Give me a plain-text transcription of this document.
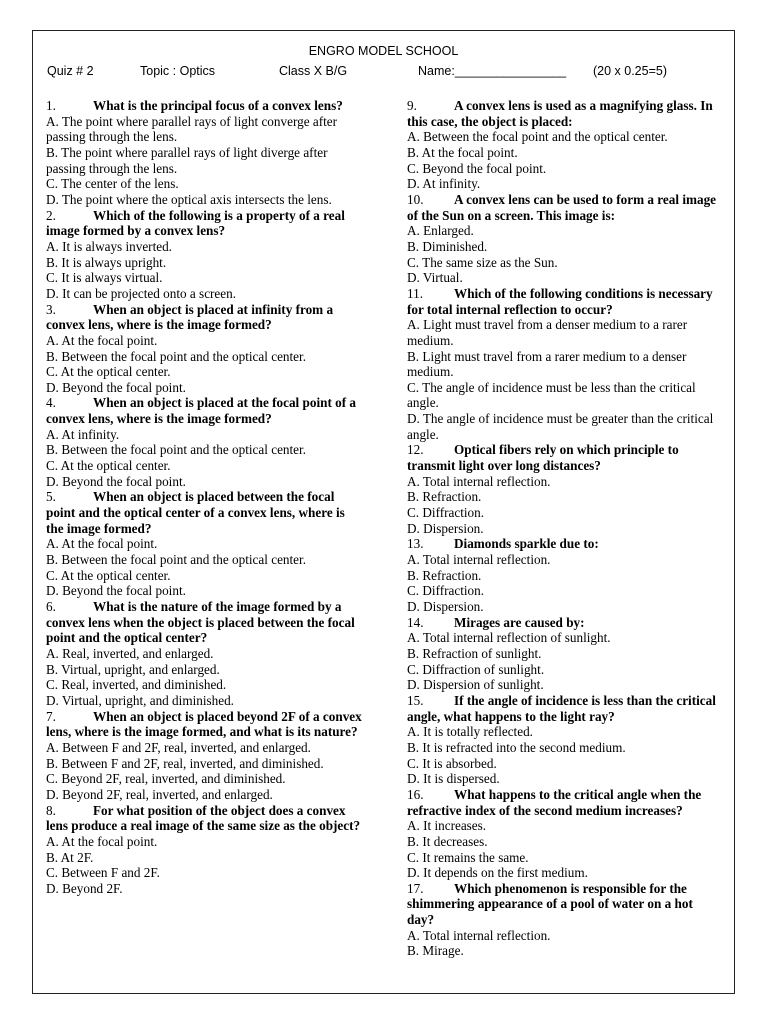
ENGRO MODEL SCHOOL
Quiz # 2	Topic : Optics	Class X B/G	Name:________________ (20 x 0.25=5)
1.	What is the principal focus of a convex lens?
A. The point where parallel rays of light converge after passing through the lens.
B. The point where parallel rays of light diverge after passing through the lens.
C. The center of the lens.
D. The point where the optical axis intersects the lens.
2.	Which of the following is a property of a real image formed by a convex lens?
A. It is always inverted.
B. It is always upright.
C. It is always virtual.
D. It can be projected onto a screen.
3.	When an object is placed at infinity from a convex lens, where is the image formed?
A. At the focal point.
B. Between the focal point and the optical center.
C. At the optical center.
D. Beyond the focal point.
4.	When an object is placed at the focal point of a convex lens, where is the image formed?
A. At infinity.
B. Between the focal point and the optical center.
C. At the optical center.
D. Beyond the focal point.
5.	When an object is placed between the focal point and the optical center of a convex lens, where is the image formed?
A. At the focal point.
B. Between the focal point and the optical center.
C. At the optical center.
D. Beyond the focal point.
6.	What is the nature of the image formed by a convex lens when the object is placed between the focal point and the optical center?
A. Real, inverted, and enlarged.
B. Virtual, upright, and enlarged.
C. Real, inverted, and diminished.
D. Virtual, upright, and diminished.
7.	When an object is placed beyond 2F of a convex lens, where is the image formed, and what is its nature?
A. Between F and 2F, real, inverted, and enlarged.
B. Between F and 2F, real, inverted, and diminished.
C. Beyond 2F, real, inverted, and diminished.
D. Beyond 2F, real, inverted, and enlarged.
8.	For what position of the object does a convex lens produce a real image of the same size as the object?
A. At the focal point.
B. At 2F.
C. Between F and 2F.
D. Beyond 2F.
9.	A convex lens is used as a magnifying glass. In this case, the object is placed:
A. Between the focal point and the optical center.
B. At the focal point.
C. Beyond the focal point.
D. At infinity.
10. A convex lens can be used to form a real image of the Sun on a screen. This image is:
A. Enlarged.
B. Diminished.
C. The same size as the Sun.
D. Virtual.
11. Which of the following conditions is necessary for total internal reflection to occur?
A. Light must travel from a denser medium to a rarer medium.
B. Light must travel from a rarer medium to a denser medium.
C. The angle of incidence must be less than the critical angle.
D. The angle of incidence must be greater than the critical angle.
12. Optical fibers rely on which principle to transmit light over long distances?
A. Total internal reflection.
B. Refraction.
C. Diffraction.
D. Dispersion.
13. Diamonds sparkle due to:
A. Total internal reflection.
B. Refraction.
C. Diffraction.
D. Dispersion.
14. Mirages are caused by:
A. Total internal reflection of sunlight.
B. Refraction of sunlight.
C. Diffraction of sunlight.
D. Dispersion of sunlight.
15. If the angle of incidence is less than the critical angle, what happens to the light ray?
A. It is totally reflected.
B. It is refracted into the second medium.
C. It is absorbed.
D. It is dispersed.
16. What happens to the critical angle when the refractive index of the second medium increases?
A. It increases.
B. It decreases.
C. It remains the same.
D. It depends on the first medium.
17. Which phenomenon is responsible for the shimmering appearance of a pool of water on a hot day?
A. Total internal reflection.
B. Mirage.
